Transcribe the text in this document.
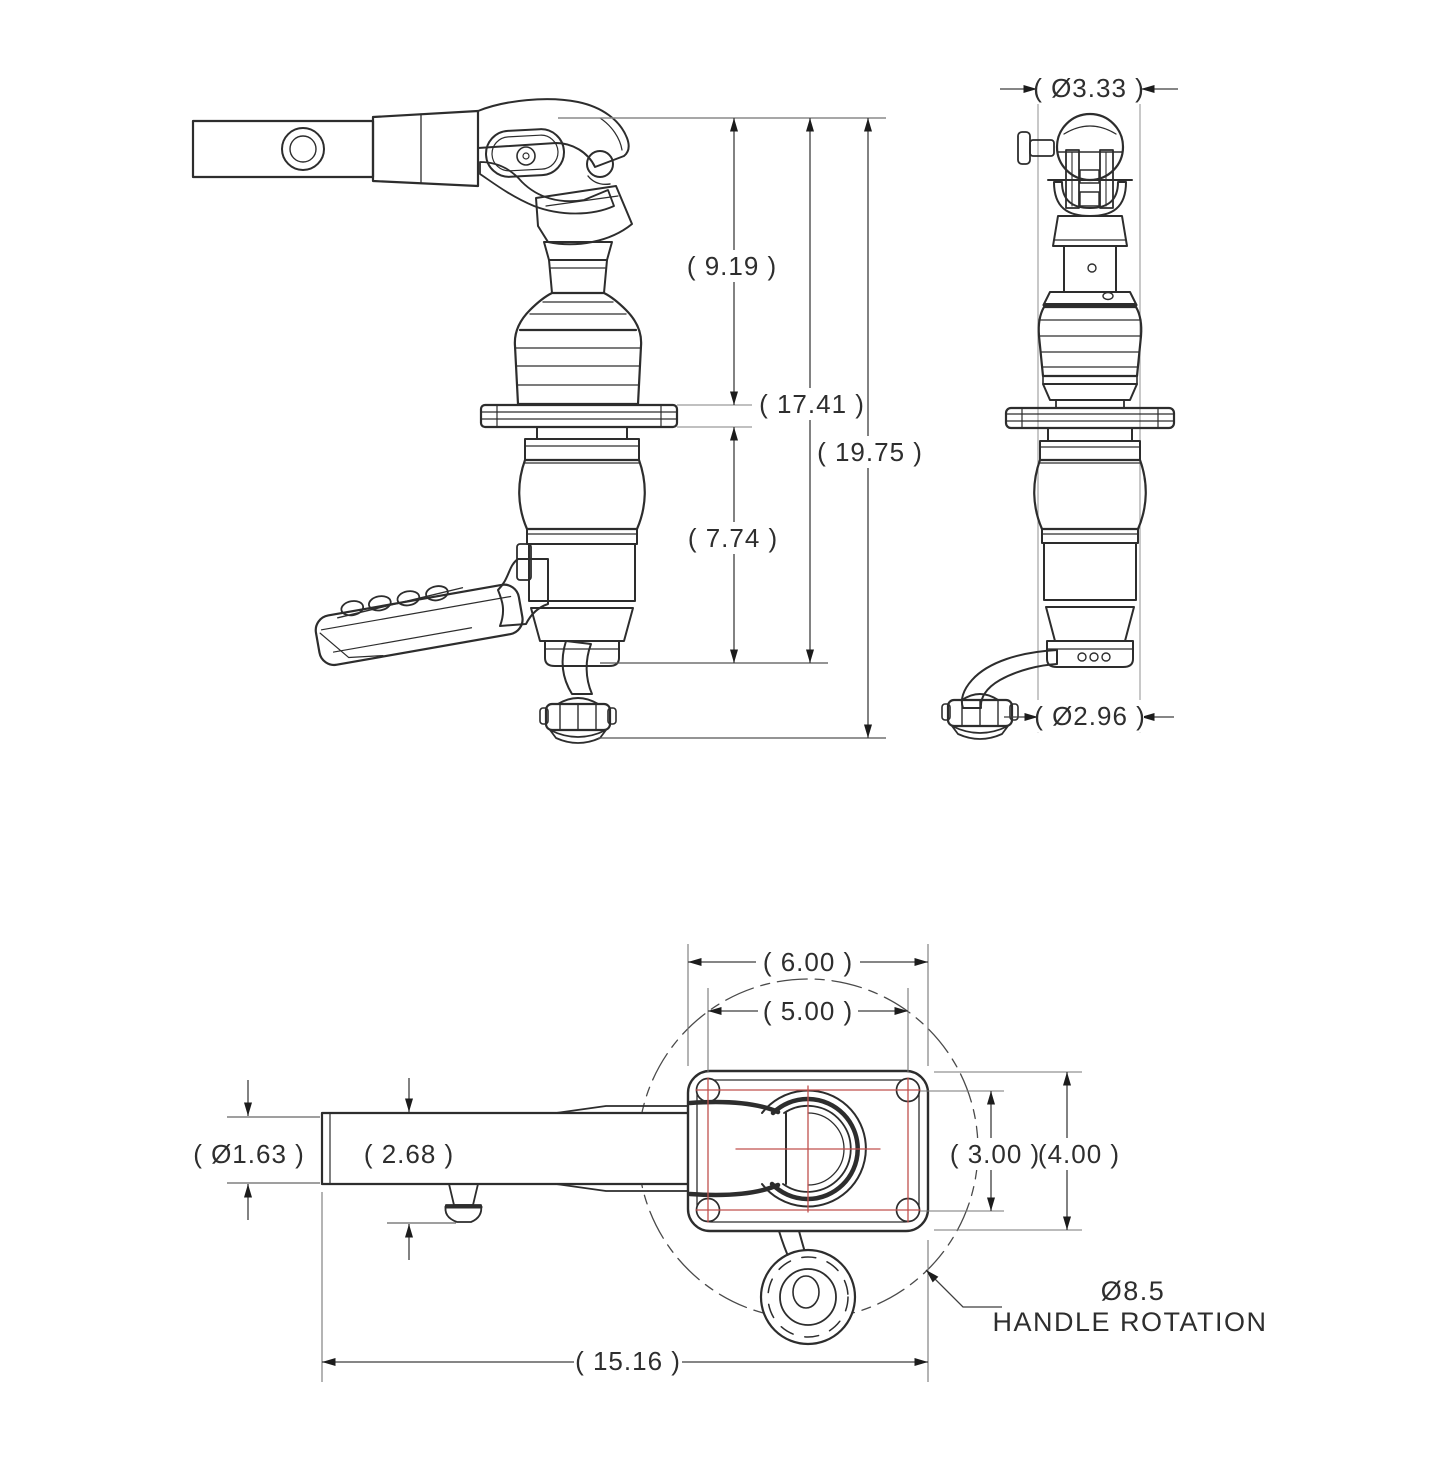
( 9.19 )
( 17.41 )
( 19.75 )
( 7.74 )
( Ø3.33 )
( Ø2.96 )
( 6.00 )
( 5.00 )
( 3.00 )
(4.00 )
( Ø1.63 ) ( 2.68 )
( 15.16 )
Ø8.5
HANDLE ROTATION
